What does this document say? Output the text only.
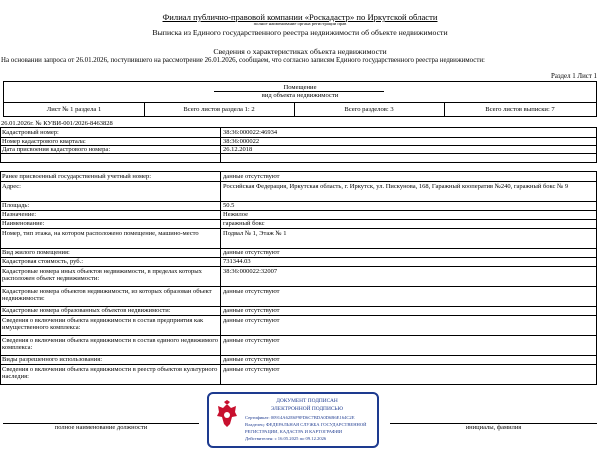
Филиал публично-правовой компании «Роскадастр» по Иркутской области
полное наименование органа регистрации прав
Выписка из Единого государственного реестра недвижимости об объекте недвижимости
Сведения о характеристиках объекта недвижимости
На основании запроса от 26.01.2026, поступившего на рассмотрение 26.01.2026, сообщаем, что согласно записям Единого государственного реестра недвижимости:
Раздел 1 Лист 1
Помещение
вид объекта недвижимости
Лист № 1 раздела 1	Всего листов раздела 1: 2	Всего разделов: 3	Всего листов выписки: 7
26.01.2026г. № КУВИ-001/2026-8463828
Кадастровый номер:	38:36:000022:46934
Номер кадастрового квартала:	38:36:000022
Дата присвоения кадастрового номера:	26.12.2018
Ранее присвоенный государственный учетный номер:	данные отсутствуют
Адрес:	Российская Федерация, Иркутская область, г. Иркутск, ул. Пискунова, 168, Гаражный кооператив №240, гаражный бокс № 9
Площадь:	50.5
Назначение:	Нежилое
Наименование:	гаражный бокс
Номер, тип этажа, на котором расположено помещение, машино-место	Подвал № 1, Этаж № 1
Вид жилого помещения:	данные отсутствуют
Кадастровая стоимость, руб.:	731344.03
Кадастровые номера иных объектов недвижимости, в пределах которых расположен объект недвижимости:
38:36:000022:32007
Кадастровые номера объектов недвижимости, из которых образован объект недвижимости:
данные отсутствуют
Кадастровые номера образованных объектов недвижимости:	данные отсутствуют
Сведения о включении объекта недвижимости в состав предприятия как имущественного комплекса:
данные отсутствуют
Сведения о включении объекта недвижимости в состав единого недвижимого комплекса:
данные отсутствуют
Виды разрешенного использования:	данные отсутствуют
Сведения о включении объекта недвижимости в реестр объектов культурного наследия:
данные отсутствуют
полное наименование должности	инициалы, фамилия
ДОКУМЕНТ ПОДПИСАН
ЭЛЕКТРОННОЙ ПОДПИСЬЮ
Сертификат: 00914A62E6F9FD6C7BDA0D6B6E164C2E
Владелец: ФЕДЕРАЛЬНАЯ СЛУЖБА ГОСУДАРСТВЕННОЙ
РЕГИСТРАЦИИ, КАДАСТРА И КАРТОГРАФИИ
Действителен: с 16.05.2025 по 09.12.2026
